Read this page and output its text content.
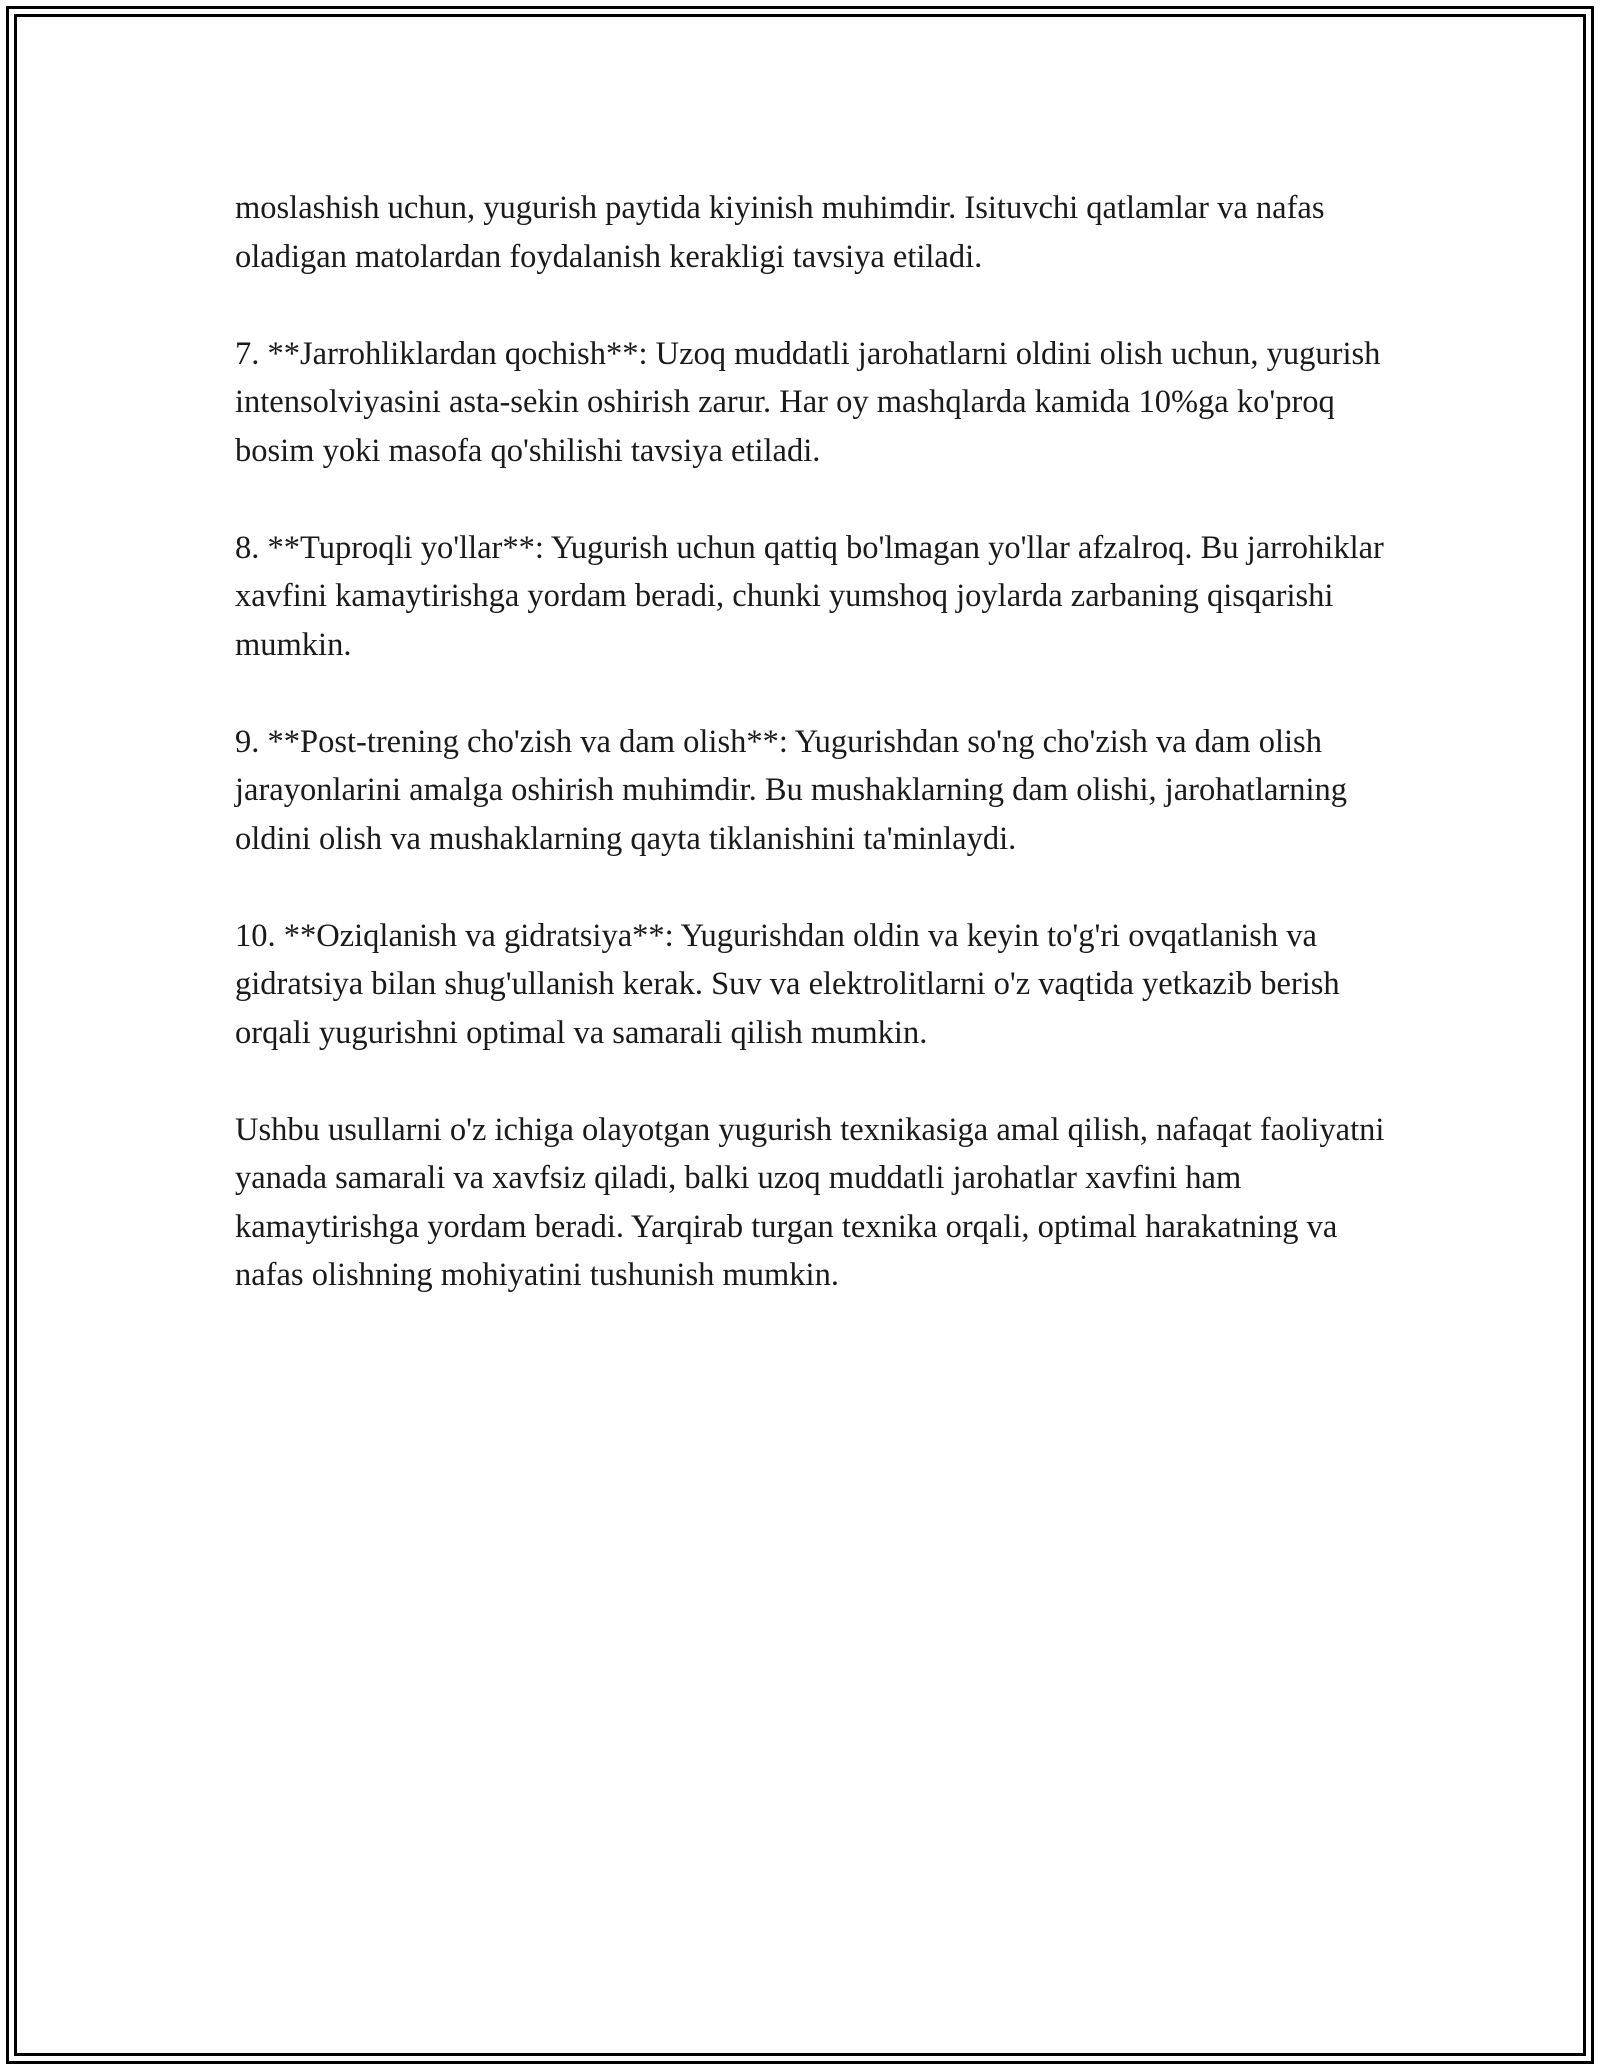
moslashish uchun, yugurish paytida kiyinish muhimdir. Isituvchi qatlamlar va nafas oladigan matolardan foydalanish kerakligi tavsiya etiladi.

7. **Jarrohliklardan qochish**: Uzoq muddatli jarohatlarni oldini olish uchun, yugurish intensolviyasini asta-sekin oshirish zarur. Har oy mashqlarda kamida 10%ga ko'proq bosim yoki masofa qo'shilishi tavsiya etiladi.

8. **Tuproqli yo'llar**: Yugurish uchun qattiq bo'lmagan yo'llar afzalroq. Bu jarrohiklar xavfini kamaytirishga yordam beradi, chunki yumshoq joylarda zarbaning qisqarishi mumkin.

9. **Post-trening cho'zish va dam olish**: Yugurishdan so'ng cho'zish va dam olish jarayonlarini amalga oshirish muhimdir. Bu mushaklarning dam olishi, jarohatlarning oldini olish va mushaklarning qayta tiklanishini ta'minlaydi.

10. **Oziqlanish va gidratsiya**: Yugurishdan oldin va keyin to'g'ri ovqatlanish va gidratsiya bilan shug'ullanish kerak. Suv va elektrolitlarni o'z vaqtida yetkazib berish orqali yugurishni optimal va samarali qilish mumkin.

Ushbu usullarni o'z ichiga olayotgan yugurish texnikasiga amal qilish, nafaqat faoliyatni yanada samarali va xavfsiz qiladi, balki uzoq muddatli jarohatlar xavfini ham kamaytirishga yordam beradi. Yarqirab turgan texnika orqali, optimal harakatning va nafas olishning mohiyatini tushunish mumkin.
